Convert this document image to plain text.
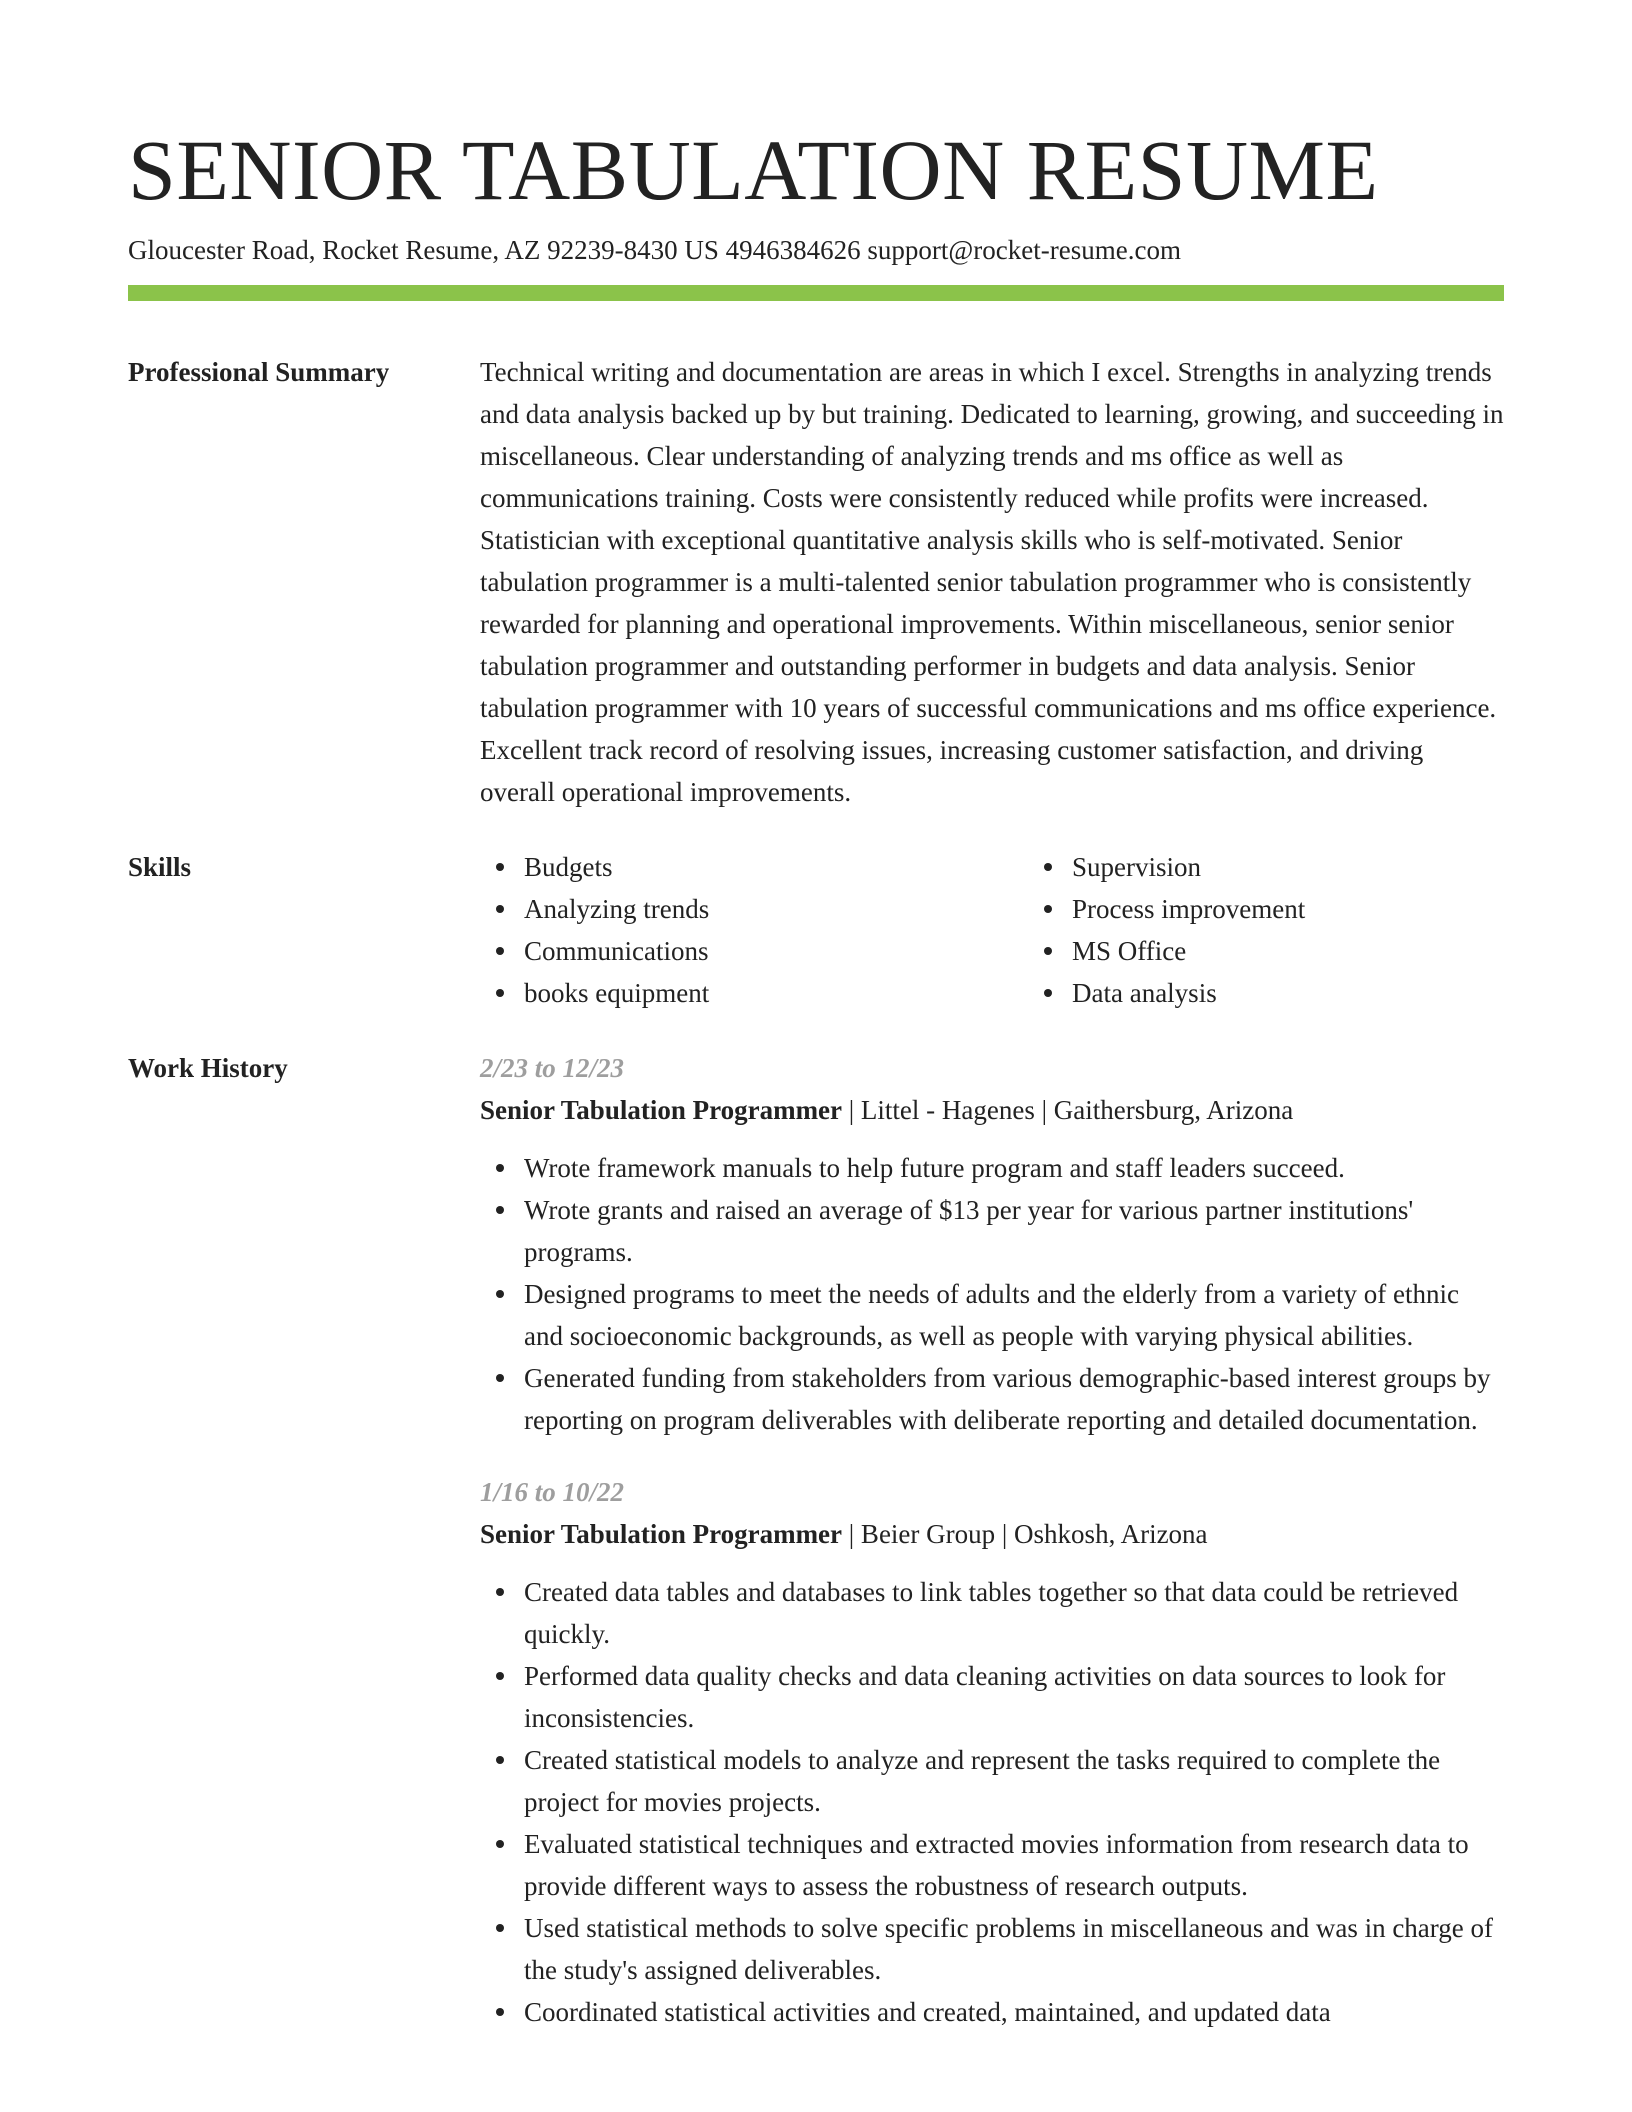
SENIOR TABULATION RESUME
Gloucester Road, Rocket Resume, AZ 92239-8430 US 4946384626 support@rocket-resume.com
Professional Summary	Technical writing and documentation are areas in which I excel. Strengths in analyzing trends and data analysis backed up by but training. Dedicated to learning, growing, and succeeding in miscellaneous. Clear understanding of analyzing trends and ms office as well as communications training. Costs were consistently reduced while profits were increased. Statistician with exceptional quantitative analysis skills who is self-motivated. Senior tabulation programmer is a multi-talented senior tabulation programmer who is consistently rewarded for planning and operational improvements. Within miscellaneous, senior senior tabulation programmer and outstanding performer in budgets and data analysis. Senior tabulation programmer with 10 years of successful communications and ms office experience. Excellent track record of resolving issues, increasing customer satisfaction, and driving overall operational improvements.

Skills	Budgets
Analyzing trends
Communications
books equipment
Supervision
Process improvement
MS Office
Data analysis
Work History	2/23 to 12/23
Senior Tabulation Programmer | Littel - Hagenes | Gaithersburg, Arizona
Wrote framework manuals to help future program and staff leaders succeed.
Wrote grants and raised an average of $13 per year for various partner institutions' programs.
Designed programs to meet the needs of adults and the elderly from a variety of ethnic and socioeconomic backgrounds, as well as people with varying physical abilities.
Generated funding from stakeholders from various demographic-based interest groups by reporting on program deliverables with deliberate reporting and detailed documentation.
1/16 to 10/22
Senior Tabulation Programmer | Beier Group | Oshkosh, Arizona
Created data tables and databases to link tables together so that data could be retrieved quickly.
Performed data quality checks and data cleaning activities on data sources to look for inconsistencies.
Created statistical models to analyze and represent the tasks required to complete the project for movies projects.
Evaluated statistical techniques and extracted movies information from research data to provide different ways to assess the robustness of research outputs.
Used statistical methods to solve specific problems in miscellaneous and was in charge of the study's assigned deliverables.
Coordinated statistical activities and created, maintained, and updated data
